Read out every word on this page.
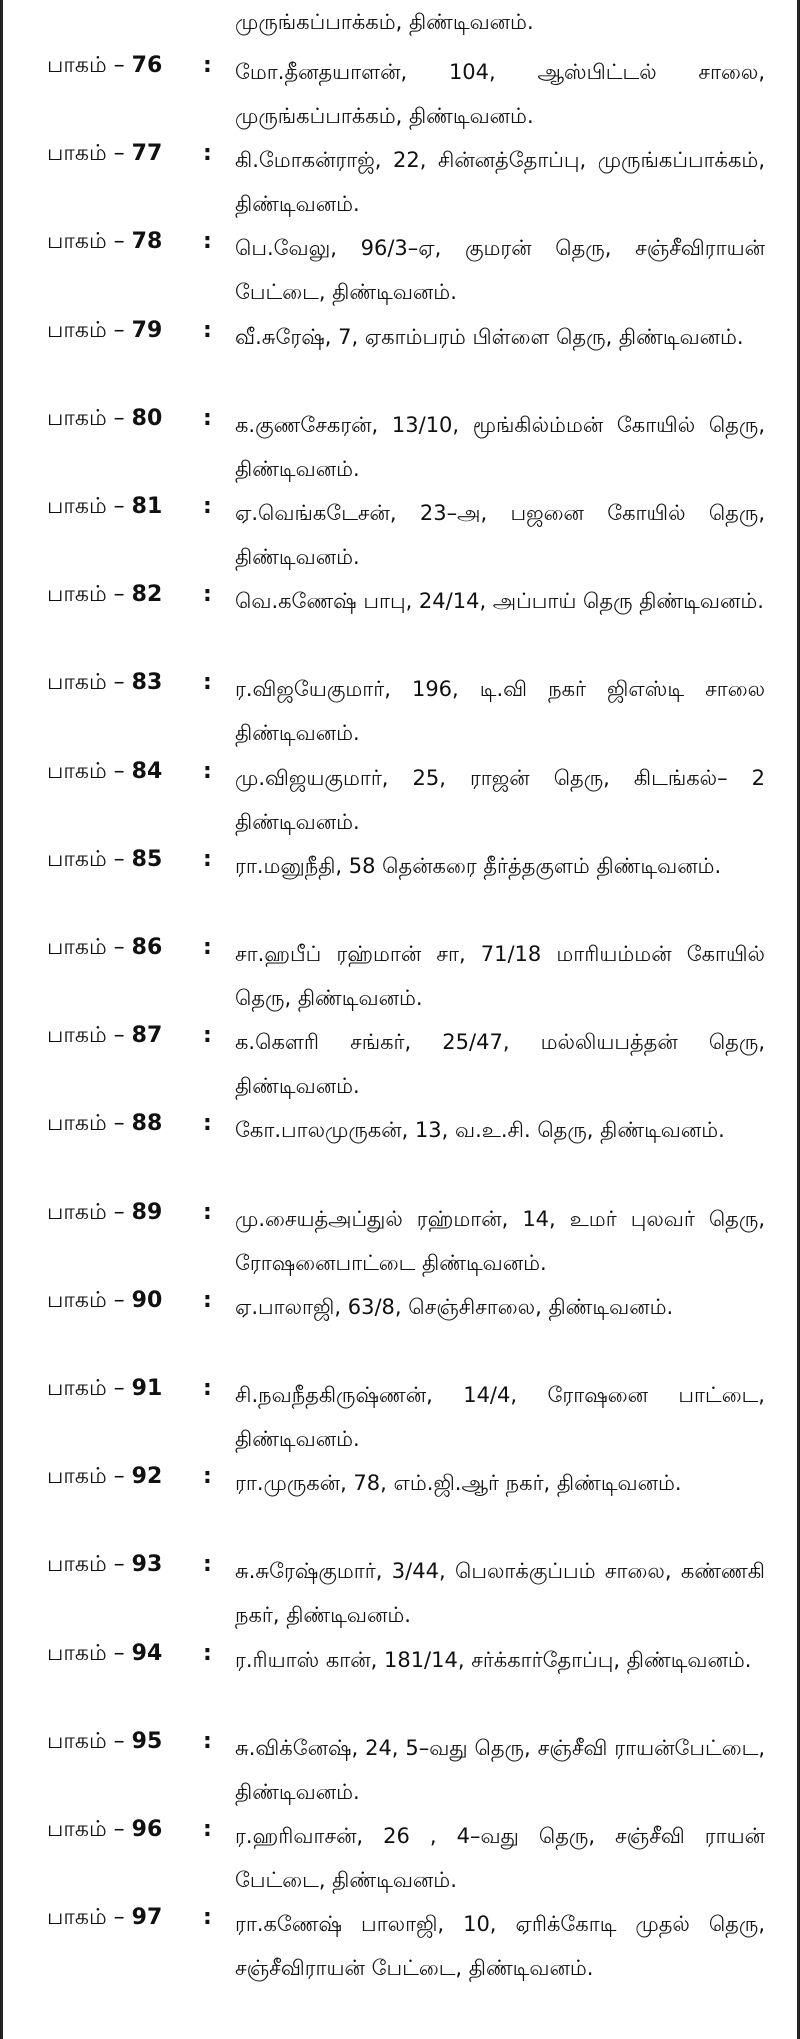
முருங்கப்பாக்கம், திண்டிவனம்.
பாகம் – 76 : மோ.தீனதயாளன், 104, ஆஸ்பிட்டல் சாலை, முருங்கப்பாக்கம், திண்டிவனம்.
பாகம் – 77 : கி.மோகன்ராஜ், 22, சின்னத்தோப்பு, முருங்கப்பாக்கம், திண்டிவனம்.
பாகம் – 78 : பெ.வேலு, 96/3–ஏ, குமரன் தெரு, சஞ்சீவிராயன் பேட்டை, திண்டிவனம்.
பாகம் – 79 : வீ.சுரேஷ், 7, ஏகாம்பரம் பிள்ளை தெரு, திண்டிவனம்.
பாகம் – 80 : க.குணசேகரன், 13/10, மூங்கில்ம்மன் கோயில் தெரு, திண்டிவனம்.
பாகம் – 81 : ஏ.வெங்கடேசன், 23–அ, பஜனை கோயில் தெரு, திண்டிவனம்.
பாகம் – 82 : வெ.கணேஷ் பாபு, 24/14, அப்பாய் தெரு திண்டிவனம்.
பாகம் – 83 : ர.விஜயேகுமார், 196, டி.வி நகர் ஜிஎஸ்டி சாலை திண்டிவனம்.
பாகம் – 84 : மு.விஜயகுமார், 25, ராஜன் தெரு, கிடங்கல்– 2 திண்டிவனம்.
பாகம் – 85 : ரா.மனுநீதி, 58 தென்கரை தீர்த்தகுளம் திண்டிவனம்.
பாகம் – 86 : சா.ஹபீப் ரஹ்மான் சா, 71/18 மாரியம்மன் கோயில் தெரு, திண்டிவனம்.
பாகம் – 87 : க.கௌரி சங்கர், 25/47, மல்லியபத்தன் தெரு, திண்டிவனம்.
பாகம் – 88 : கோ.பாலமுருகன், 13, வ.உ.சி. தெரு, திண்டிவனம்.
பாகம் – 89 : மு.சையத்அப்துல் ரஹ்மான், 14, உமர் புலவர் தெரு, ரோஷனைபாட்டை திண்டிவனம்.
பாகம் – 90 : ஏ.பாலாஜி, 63/8, செஞ்சிசாலை, திண்டிவனம்.
பாகம் – 91 : சி.நவநீதகிருஷ்ணன், 14/4, ரோஷனை பாட்டை, திண்டிவனம்.
பாகம் – 92 : ரா.முருகன், 78, எம்.ஜி.ஆர் நகர், திண்டிவனம்.
பாகம் – 93 : சு.சுரேஷ்குமார், 3/44, பெலாக்குப்பம் சாலை, கண்ணகி நகர், திண்டிவனம்.
பாகம் – 94 : ர.ரியாஸ் கான், 181/14, சர்க்கார்தோப்பு, திண்டிவனம்.
பாகம் – 95 : சு.விக்னேஷ், 24, 5–வது தெரு, சஞ்சீவி ராயன்பேட்டை, திண்டிவனம்.
பாகம் – 96 : ர.ஹரிவாசன், 26 , 4–வது தெரு, சஞ்சீவி ராயன் பேட்டை, திண்டிவனம்.
பாகம் – 97 : ரா.கணேஷ் பாலாஜி, 10, ஏரிக்கோடி முதல் தெரு, சஞ்சீவிராயன் பேட்டை, திண்டிவனம்.
